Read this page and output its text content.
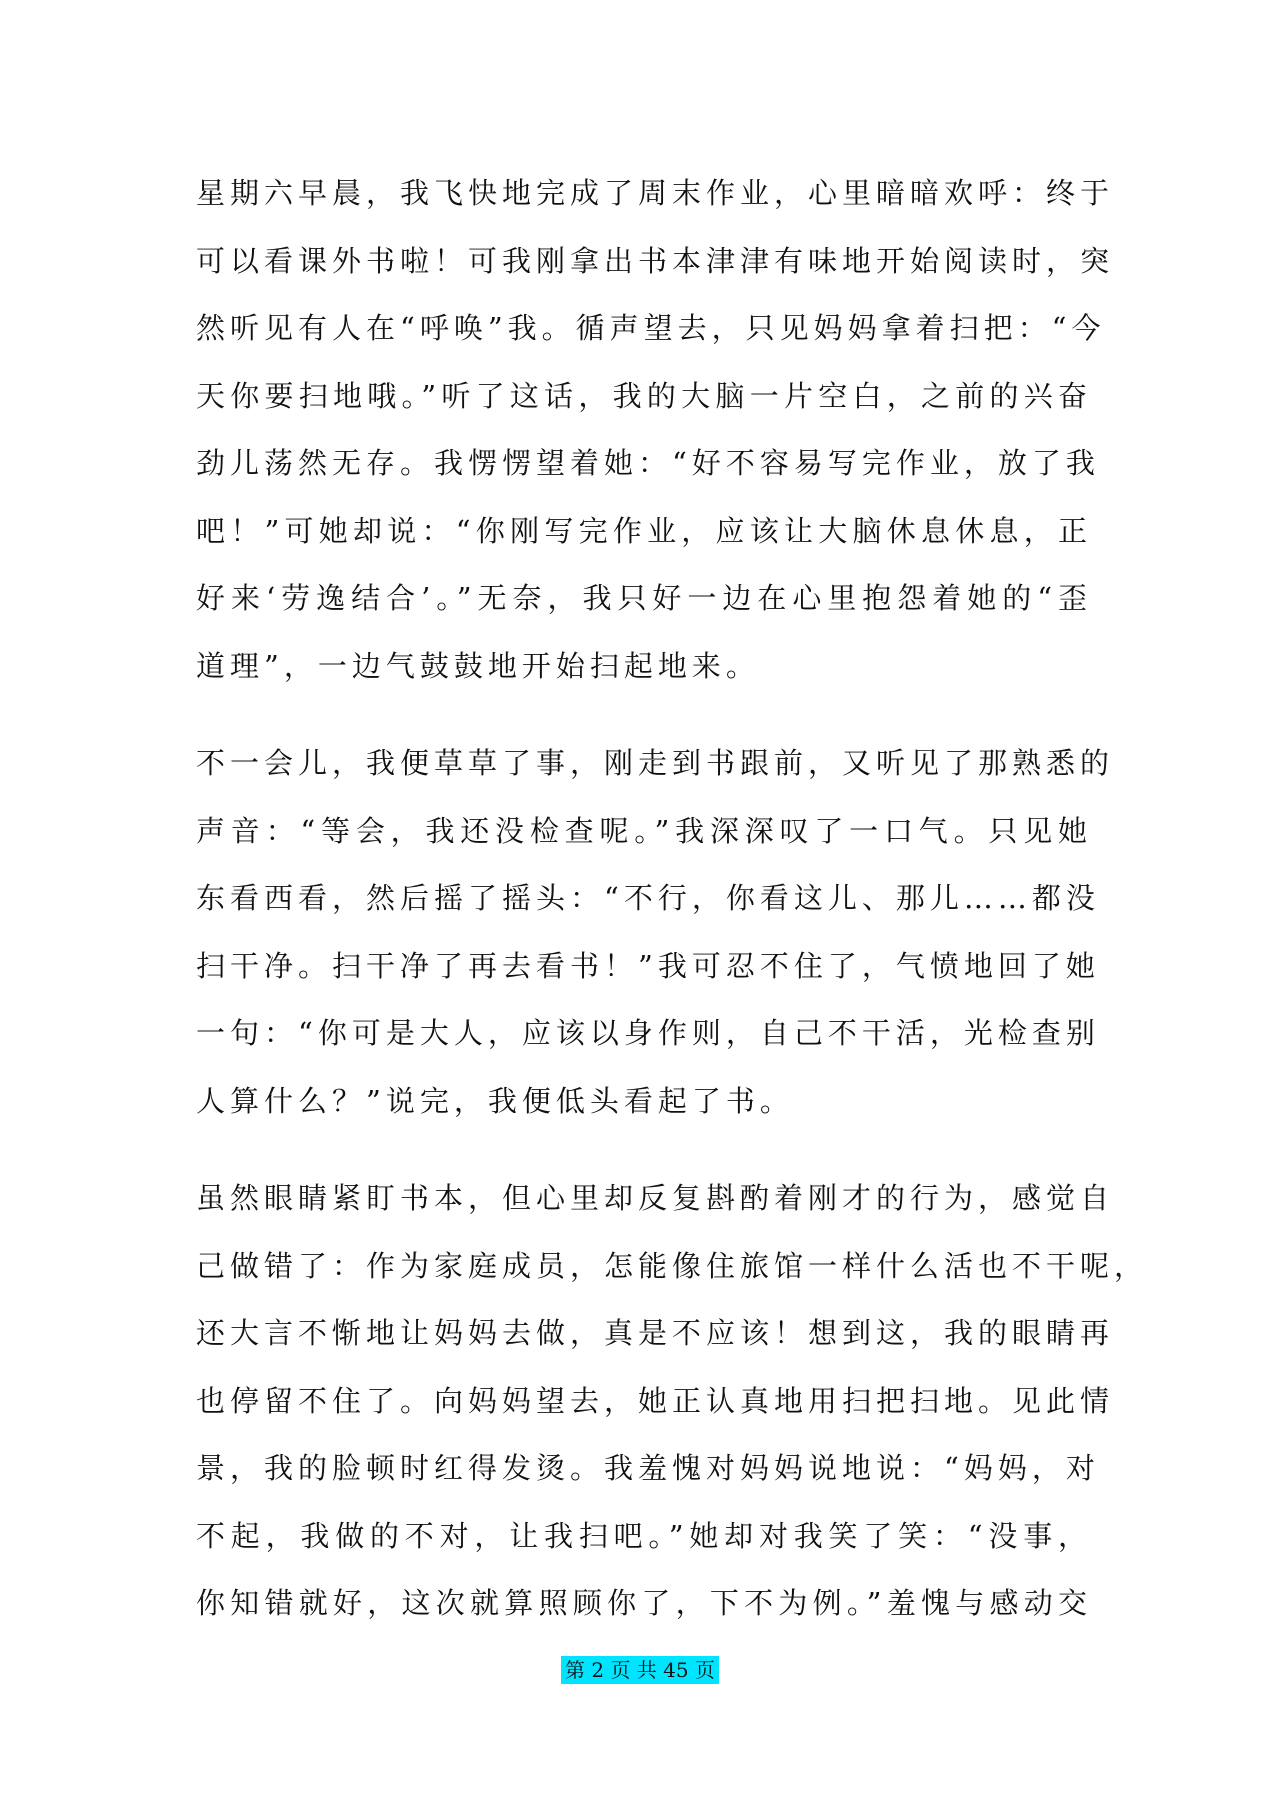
星期六早晨，我飞快地完成了周末作业，心里暗暗欢呼：终于
可以看课外书啦！可我刚拿出书本津津有味地开始阅读时，突
然听见有人在“呼唤”我。循声望去，只见妈妈拿着扫把：“今
天你要扫地哦。”听了这话，我的大脑一片空白，之前的兴奋
劲儿荡然无存。我愣愣望着她：“好不容易写完作业，放了我
吧！”可她却说：“你刚写完作业，应该让大脑休息休息，正
好来‘劳逸结合’。”无奈，我只好一边在心里抱怨着她的“歪
道理”，一边气鼓鼓地开始扫起地来。

不一会儿，我便草草了事，刚走到书跟前，又听见了那熟悉的
声音：“等会，我还没检查呢。”我深深叹了一口气。只见她
东看西看，然后摇了摇头：“不行，你看这儿、那儿……都没
扫干净。扫干净了再去看书！”我可忍不住了，气愤地回了她
一句：“你可是大人，应该以身作则，自己不干活，光检查别
人算什么？”说完，我便低头看起了书。

虽然眼睛紧盯书本，但心里却反复斟酌着刚才的行为，感觉自
己做错了：作为家庭成员，怎能像住旅馆一样什么活也不干呢，
还大言不惭地让妈妈去做，真是不应该！想到这，我的眼睛再
也停留不住了。向妈妈望去，她正认真地用扫把扫地。见此情
景，我的脸顿时红得发烫。我羞愧对妈妈说地说：“妈妈，对
不起，我做的不对，让我扫吧。”她却对我笑了笑：“没事，
你知错就好，这次就算照顾你了，下不为例。”羞愧与感动交

第 2 页 共 45 页
